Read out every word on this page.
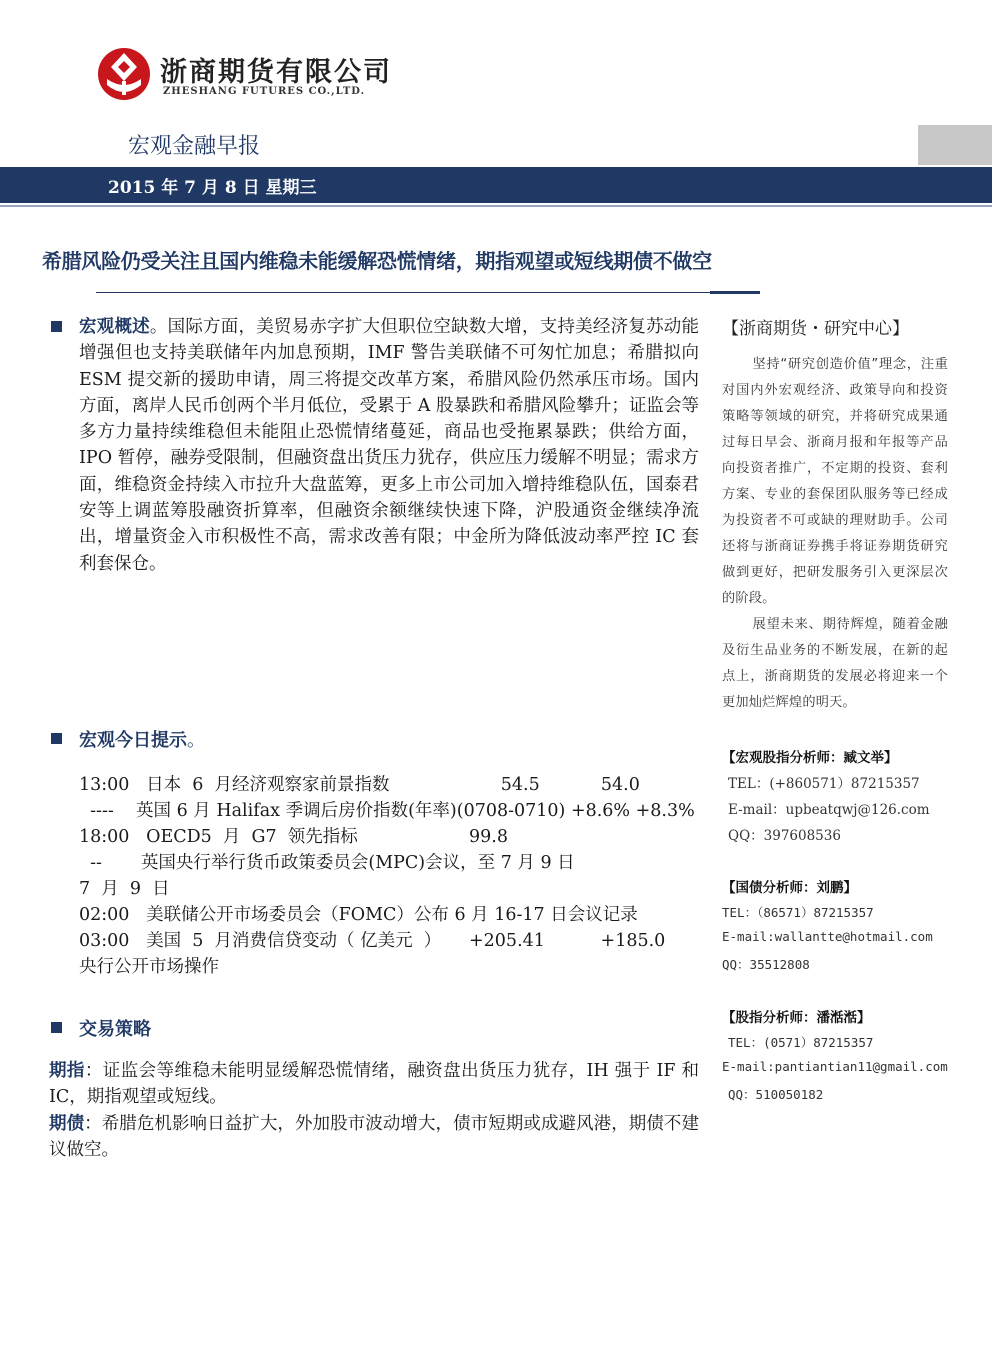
浙商期货有限公司
ZHESHANG FUTURES CO.,LTD.
宏观金融早报
2015 年 7 月 8 日 星期三
希腊风险仍受关注且国内维稳未能缓解恐慌情绪，期指观望或短线期债不做空
宏观概述。国际方面，美贸易赤字扩大但职位空缺数大增，支持美经济复苏动能增强但也支持美联储年内加息预期，IMF 警告美联储不可匆忙加息；希腊拟向 ESM 提交新的援助申请，周三将提交改革方案，希腊风险仍然承压市场。国内方面，离岸人民币创两个半月低位，受累于 A 股暴跌和希腊风险攀升；证监会等多方力量持续维稳但未能阻止恐慌情绪蔓延，商品也受拖累暴跌；供给方面，IPO 暂停，融券受限制，但融资盘出货压力犹存，供应压力缓解不明显；需求方面，维稳资金持续入市拉升大盘蓝筹，更多上市公司加入增持维稳队伍，国泰君安等上调蓝筹股融资折算率，但融资余额继续快速下降，沪股通资金继续净流出，增量资金入市积极性不高，需求改善有限；中金所为降低波动率严控 IC 套利套保仓。
宏观今日提示。
13:00   日本  6  月经济观察家前景指数                    54.5           54.0
----    英国 6 月 Halifax 季调后房价指数(年率)(0708-0710) +8.6% +8.3%
18:00   OECD5  月  G7  领先指标                    99.8
--       英国央行举行货币政策委员会(MPC)会议，至 7 月 9 日
7  月  9  日
02:00   美联储公开市场委员会（FOMC）公布 6 月 16-17 日会议记录
03:00   美国  5  月消费信贷变动（ 亿美元  ）     +205.41          +185.0
央行公开市场操作
交易策略
期指：证监会等维稳未能明显缓解恐慌情绪，融资盘出货压力犹存，IH 强于 IF 和 IC，期指观望或短线。
期债：希腊危机影响日益扩大，外加股市波动增大，债市短期或成避风港，期债不建议做空。
【浙商期货・研究中心】
坚持“研究创造价值”理念，注重对国内外宏观经济、政策导向和投资策略等领域的研究，并将研究成果通过每日早会、浙商月报和年报等产品向投资者推广，不定期的投资、套利方案、专业的套保团队服务等已经成为投资者不可或缺的理财助手。公司还将与浙商证券携手将证券期货研究做到更好，把研发服务引入更深层次的阶段。
展望未来、期待辉煌，随着金融及衍生品业务的不断发展，在新的起点上，浙商期货的发展必将迎来一个更加灿烂辉煌的明天。
【宏观股指分析师：臧文举】
TEL：(+860571）87215357
E-mail：upbeatqwj@126.com
QQ：397608536
【国债分析师：刘鹏】
TEL：（86571）87215357
E-mail:wallantte@hotmail.com
QQ：35512808
【股指分析师：潘湉湉】
TEL：(0571）87215357
E-mail:pantiantian11@gmail.com
QQ：510050182
